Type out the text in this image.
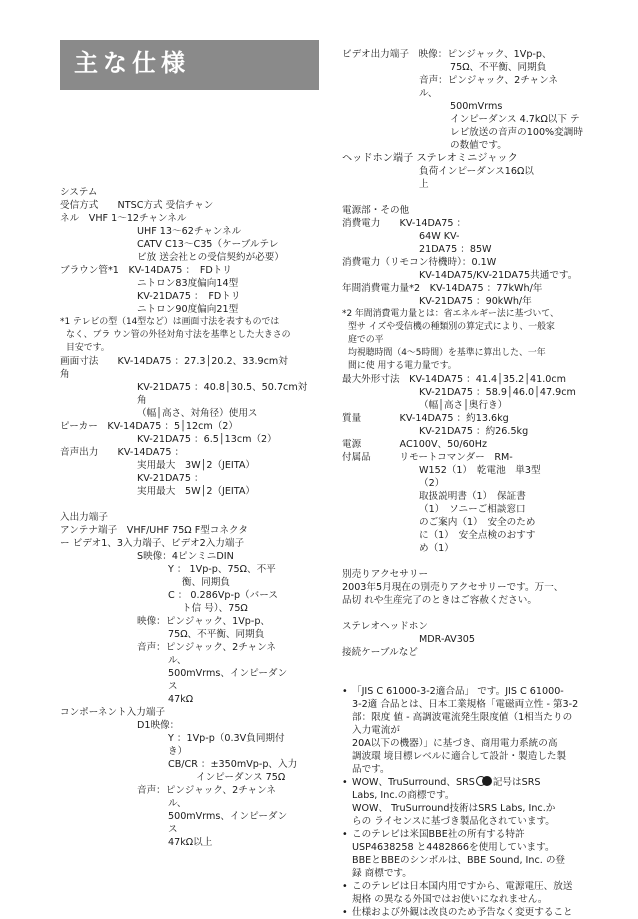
主な仕様
システム
受信方式　　NTSC方式 受信チャン
ネル　VHF 1～12チャンネル
UHF 13～62チャンネル
CATV C13～C35（ケーブルテレ
ビ放 送会社との受信契約が必要）
ブラウン管*1　KV-14DA75 ：　FDトリ
ニトロン83度偏向14型
KV-21DA75 ：　FDトリ
ニトロン90度偏向21型
*1 テレビの型（14型など）は画面寸法を表すものでは
なく、ブラ ウン管の外径対角寸法を基準とした大きさの
目安です。
画面寸法　　KV-14DA75 ：27.3│20.2、33.9cm対
角
KV-21DA75 ：40.8│30.5、50.7cm対
角
（幅│高さ、対角径）使用ス
ピーカー　KV-14DA75 ：5│12cm（2）
KV-21DA75 ：6.5│13cm（2）
音声出力　　KV-14DA75 ：
実用最大　3W│2（JEITA）
KV-21DA75 ：
実用最大　5W│2（JEITA）
入出力端子
アンテナ端子　VHF/UHF 75Ω F型コネクタ
ー ビデオ1、3入力端子、ビデオ2入力端子
S映像：4ピンミニDIN
Y ： 1Vp-p、75Ω、不平
衡、同期負
C ： 0.286Vp-p（バース
ト信 号）、75Ω
映像：ピンジャック、1Vp-p、
75Ω、不平衡、同期負
音声：ピンジャック、2チャンネ
ル、
500mVrms、インピーダン
ス
47kΩ
コンポーネント入力端子
D1映像：
Y ：1Vp-p（0.3V負同期付
き）
CB/CR ：±350mVp-p、入力
インピーダンス 75Ω
音声：ピンジャック、2チャンネ
ル、
500mVrms、インピーダン
ス
47kΩ以上
ビデオ出力端子　映像：ピンジャック、1Vp-p、
75Ω、不平衡、同期負
音声：ピンジャック、2チャンネ
ル、
500mVrms
インピーダンス 4.7kΩ以下 テ
レビ放送の音声の100%変調時
の数値です。
ヘッドホン端子 ステレオミニジャック
負荷インピーダンス16Ω以
上
電源部・その他
消費電力　　KV-14DA75 ：
64W KV-
21DA75 ：85W
消費電力（リモコン待機時）：0.1W
KV-14DA75/KV-21DA75共通です。
年間消費電力量*2　KV-14DA75 ：77kWh/年
KV-21DA75 ：90kWh/年
*2 年間消費電力量とは：省エネルギー法に基づいて、
型サ イズや受信機の種類別の算定式により、一般家
庭での平
均視聴時間（4～5時間）を基準に算出した、一年
間に使 用する電力量です。
最大外形寸法　KV-14DA75 ：41.4│35.2│41.0cm
KV-21DA75 ：58.9│46.0│47.9cm
（幅│高さ│奥行き）
質量　　　　KV-14DA75 ：約13.6kg
KV-21DA75 ：約26.5kg
電源　　　　AC100V、50/60Hz
付属品　　　リモートコマンダー　RM-
W152（1）　乾電池　単3型
（2）
取扱説明書（1）　保証書
（1）　ソニーご相談窓口
のご案内（1）　安全のため
に（1）　安全点検のおすす
め（1）
別売りアクセサリー
2003年5月現在の別売りアクセサリーです。万一、
品切 れや生産完了のときはご容赦ください。
ステレオヘッドホン
MDR-AV305
接続ケーブルなど
• 「JIS C 61000-3-2適合品」 です。JIS C 61000-
3-2適 合品とは、日本工業規格「電磁両立性 - 第3-2
部：限度 値 - 高調波電流発生限度値（1相当たりの
入力電流が
20A以下の機器）」に基づき、商用電力系統の高
調波環 境目標レベルに適合して設計・製造した製
品です。
• WOW、TruSurround、SRS 記号はSRS
Labs, Inc.の商標です。
WOW、 TruSurround技術はSRS Labs, Inc.か
らの ライセンスに基づき製品化されています。
• このテレビは米国BBE社の所有する特許
USP4638258 と4482866を使用しています。
BBEとBBEのシンボルは、BBE Sound, Inc. の登
録 商標です。
• このテレビは日本国内用ですから、電源電圧、放送
規格 の異なる外国ではお使いになれません。
• 仕様および外観は改良のため予告なく変更すること
